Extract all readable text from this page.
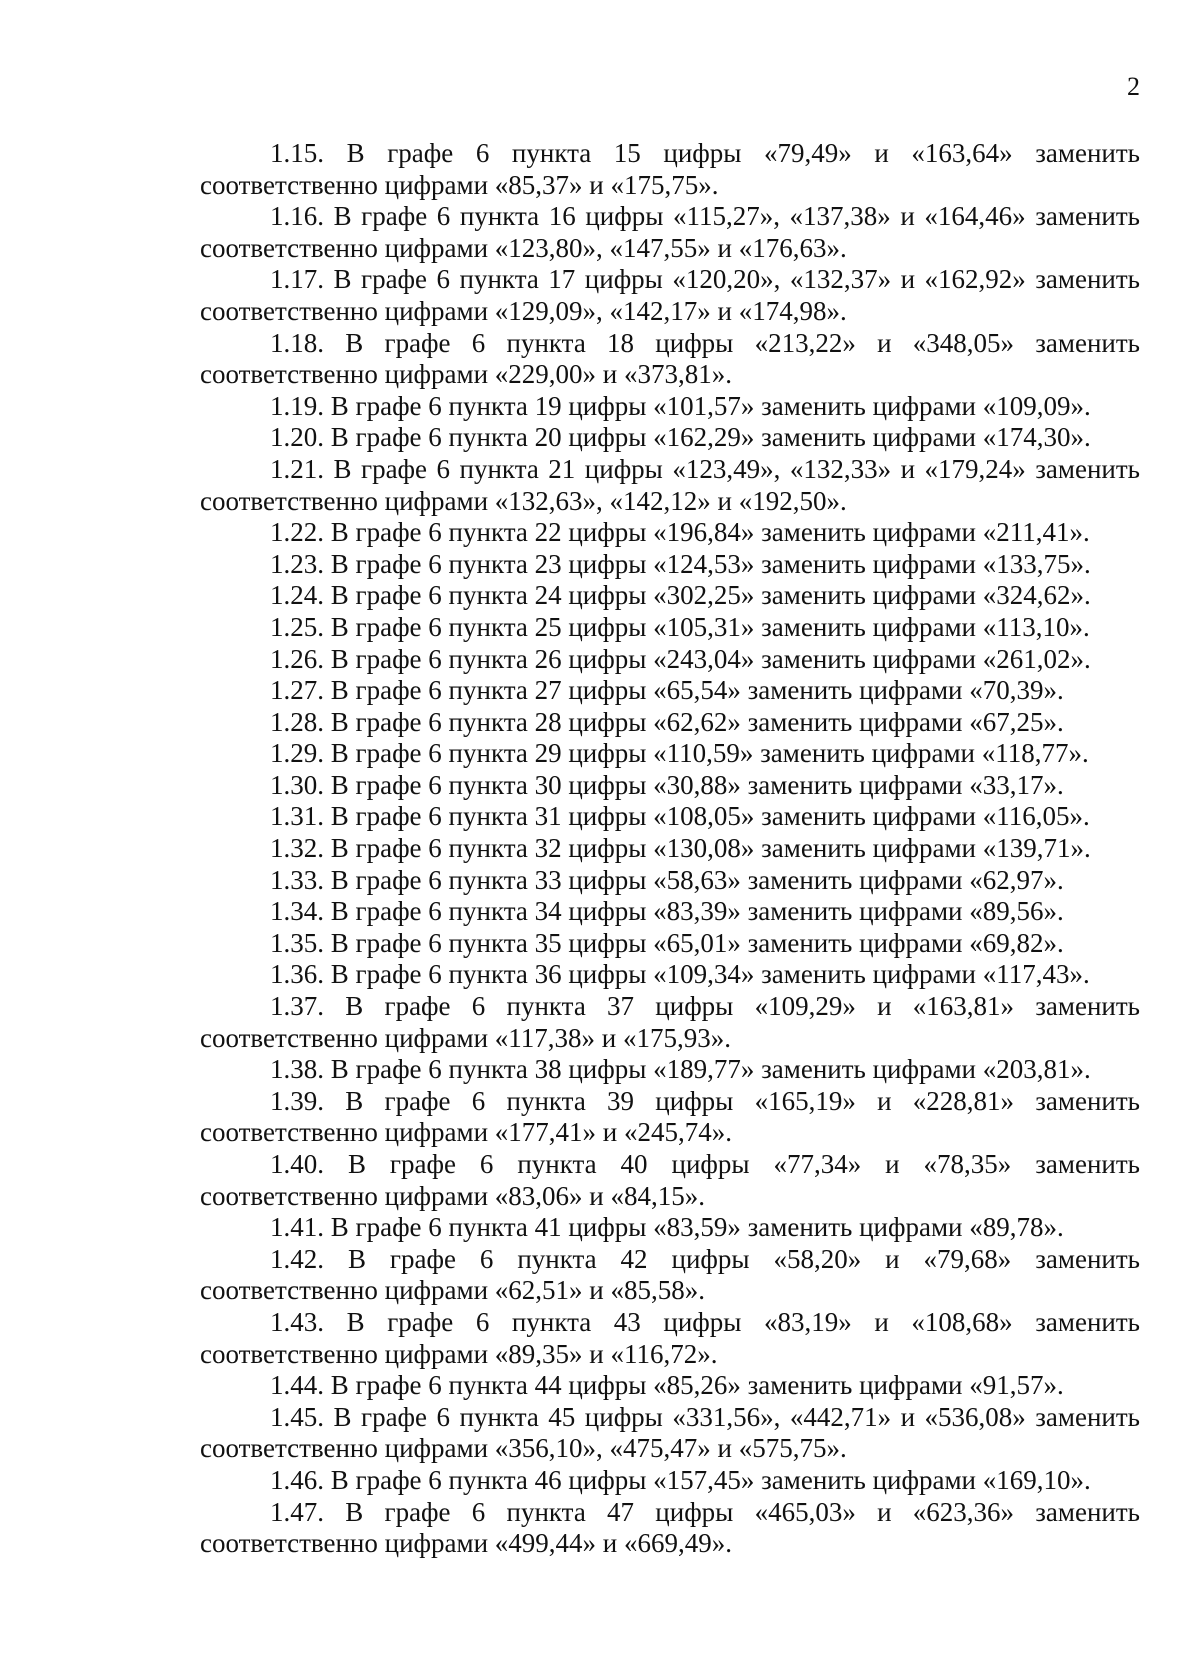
2

1.15. В графе 6 пункта 15 цифры «79,49» и «163,64» заменить соответственно цифрами «85,37» и «175,75».

1.16. В графе 6 пункта 16 цифры «115,27», «137,38» и «164,46» заменить соответственно цифрами «123,80», «147,55» и «176,63».

1.17. В графе 6 пункта 17 цифры «120,20», «132,37» и «162,92» заменить соответственно цифрами «129,09», «142,17» и «174,98».

1.18. В графе 6 пункта 18 цифры «213,22» и «348,05» заменить соответственно цифрами «229,00» и «373,81».

1.19. В графе 6 пункта 19 цифры «101,57» заменить цифрами «109,09».

1.20. В графе 6 пункта 20 цифры «162,29» заменить цифрами «174,30».

1.21. В графе 6 пункта 21 цифры «123,49», «132,33» и «179,24» заменить соответственно цифрами «132,63», «142,12» и «192,50».

1.22. В графе 6 пункта 22 цифры «196,84» заменить цифрами «211,41».

1.23. В графе 6 пункта 23 цифры «124,53» заменить цифрами «133,75».

1.24. В графе 6 пункта 24 цифры «302,25» заменить цифрами «324,62».

1.25. В графе 6 пункта 25 цифры «105,31» заменить цифрами «113,10».

1.26. В графе 6 пункта 26 цифры «243,04» заменить цифрами «261,02».

1.27. В графе 6 пункта 27 цифры «65,54» заменить цифрами «70,39».

1.28. В графе 6 пункта 28 цифры «62,62» заменить цифрами «67,25».

1.29. В графе 6 пункта 29 цифры «110,59» заменить цифрами «118,77».

1.30. В графе 6 пункта 30 цифры «30,88» заменить цифрами «33,17».

1.31. В графе 6 пункта 31 цифры «108,05» заменить цифрами «116,05».

1.32. В графе 6 пункта 32 цифры «130,08» заменить цифрами «139,71».

1.33. В графе 6 пункта 33 цифры «58,63» заменить цифрами «62,97».

1.34. В графе 6 пункта 34 цифры «83,39» заменить цифрами «89,56».

1.35. В графе 6 пункта 35 цифры «65,01» заменить цифрами «69,82».

1.36. В графе 6 пункта 36 цифры «109,34» заменить цифрами «117,43».

1.37. В графе 6 пункта 37 цифры «109,29» и «163,81» заменить соответственно цифрами «117,38» и «175,93».

1.38. В графе 6 пункта 38 цифры «189,77» заменить цифрами «203,81».

1.39. В графе 6 пункта 39 цифры «165,19» и «228,81» заменить соответственно цифрами «177,41» и «245,74».

1.40. В графе 6 пункта 40 цифры «77,34» и «78,35» заменить соответственно цифрами «83,06» и «84,15».

1.41. В графе 6 пункта 41 цифры «83,59» заменить цифрами «89,78».

1.42. В графе 6 пункта 42 цифры «58,20» и «79,68» заменить соответственно цифрами «62,51» и «85,58».

1.43. В графе 6 пункта 43 цифры «83,19» и «108,68» заменить соответственно цифрами «89,35» и «116,72».

1.44. В графе 6 пункта 44 цифры «85,26» заменить цифрами «91,57».

1.45. В графе 6 пункта 45 цифры «331,56», «442,71» и «536,08» заменить соответственно цифрами «356,10», «475,47» и «575,75».

1.46. В графе 6 пункта 46 цифры «157,45» заменить цифрами «169,10».

1.47. В графе 6 пункта 47 цифры «465,03» и «623,36» заменить соответственно цифрами «499,44» и «669,49».
